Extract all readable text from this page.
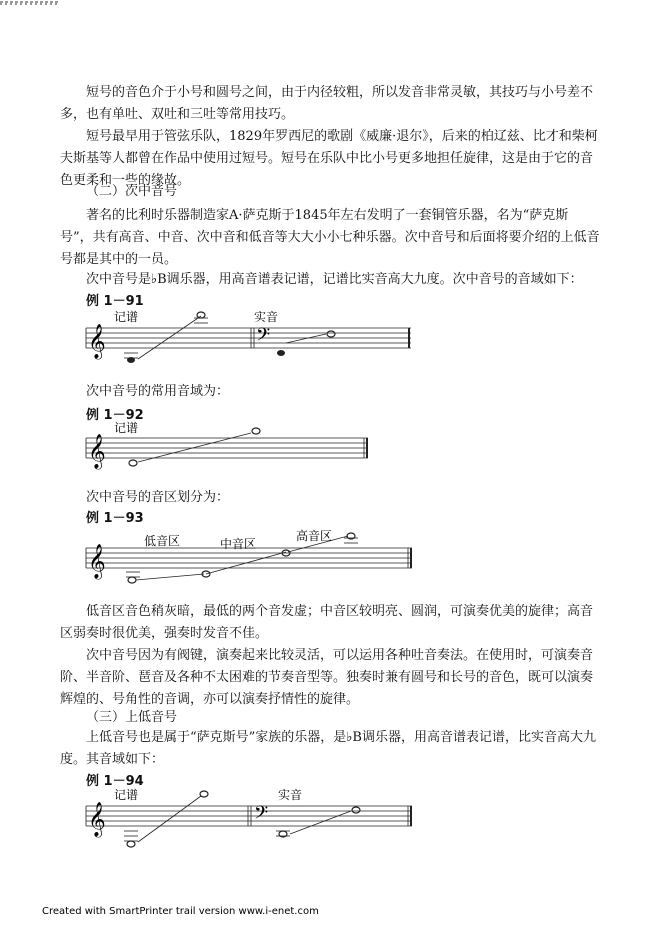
短号的音色介于小号和圆号之间，由于内径较粗，所以发音非常灵敏，其技巧与小号差不多，也有单吐、双吐和三吐等常用技巧。

短号最早用于管弦乐队，1829年罗西尼的歌剧《威廉·退尔》，后来的柏辽兹、比才和柴柯夫斯基等人都曾在作品中使用过短号。短号在乐队中比小号更多地担任旋律，这是由于它的音色更柔和一些的缘故。

（二）次中音号

著名的比利时乐器制造家A·萨克斯于1845年左右发明了一套铜管乐器，名为“萨克斯号”，共有高音、中音、次中音和低音等大大小小七种乐器。次中音号和后面将要介绍的上低音号都是其中的一员。

次中音号是♭B调乐器，用高音谱表记谱，记谱比实音高大九度。次中音号的音域如下：

例 1－91
𝄞	𝄢
记谱	实音

次中音号的常用音域为：

例 1－92
𝄞
记谱

次中音号的音区划分为：

例 1－93
𝄞
低音区	中音区
高音区

低音区音色稍灰暗，最低的两个音发虚；中音区较明亮、圆润，可演奏优美的旋律；高音区弱奏时很优美，强奏时发音不佳。

次中音号因为有阀键，演奏起来比较灵活，可以运用各种吐音奏法。在使用时，可演奏音阶、半音阶、琶音及各种不太困难的节奏音型等。独奏时兼有圆号和长号的音色，既可以演奏辉煌的、号角性的音调，亦可以演奏抒情性的旋律。

（三）上低音号

上低音号也是属于“萨克斯号”家族的乐器，是♭B调乐器，用高音谱表记谱，比实音高大九度。其音域如下：

例 1－94
𝄞	𝄢
记谱	实音
Created with SmartPrinter trail version www.i-enet.com
